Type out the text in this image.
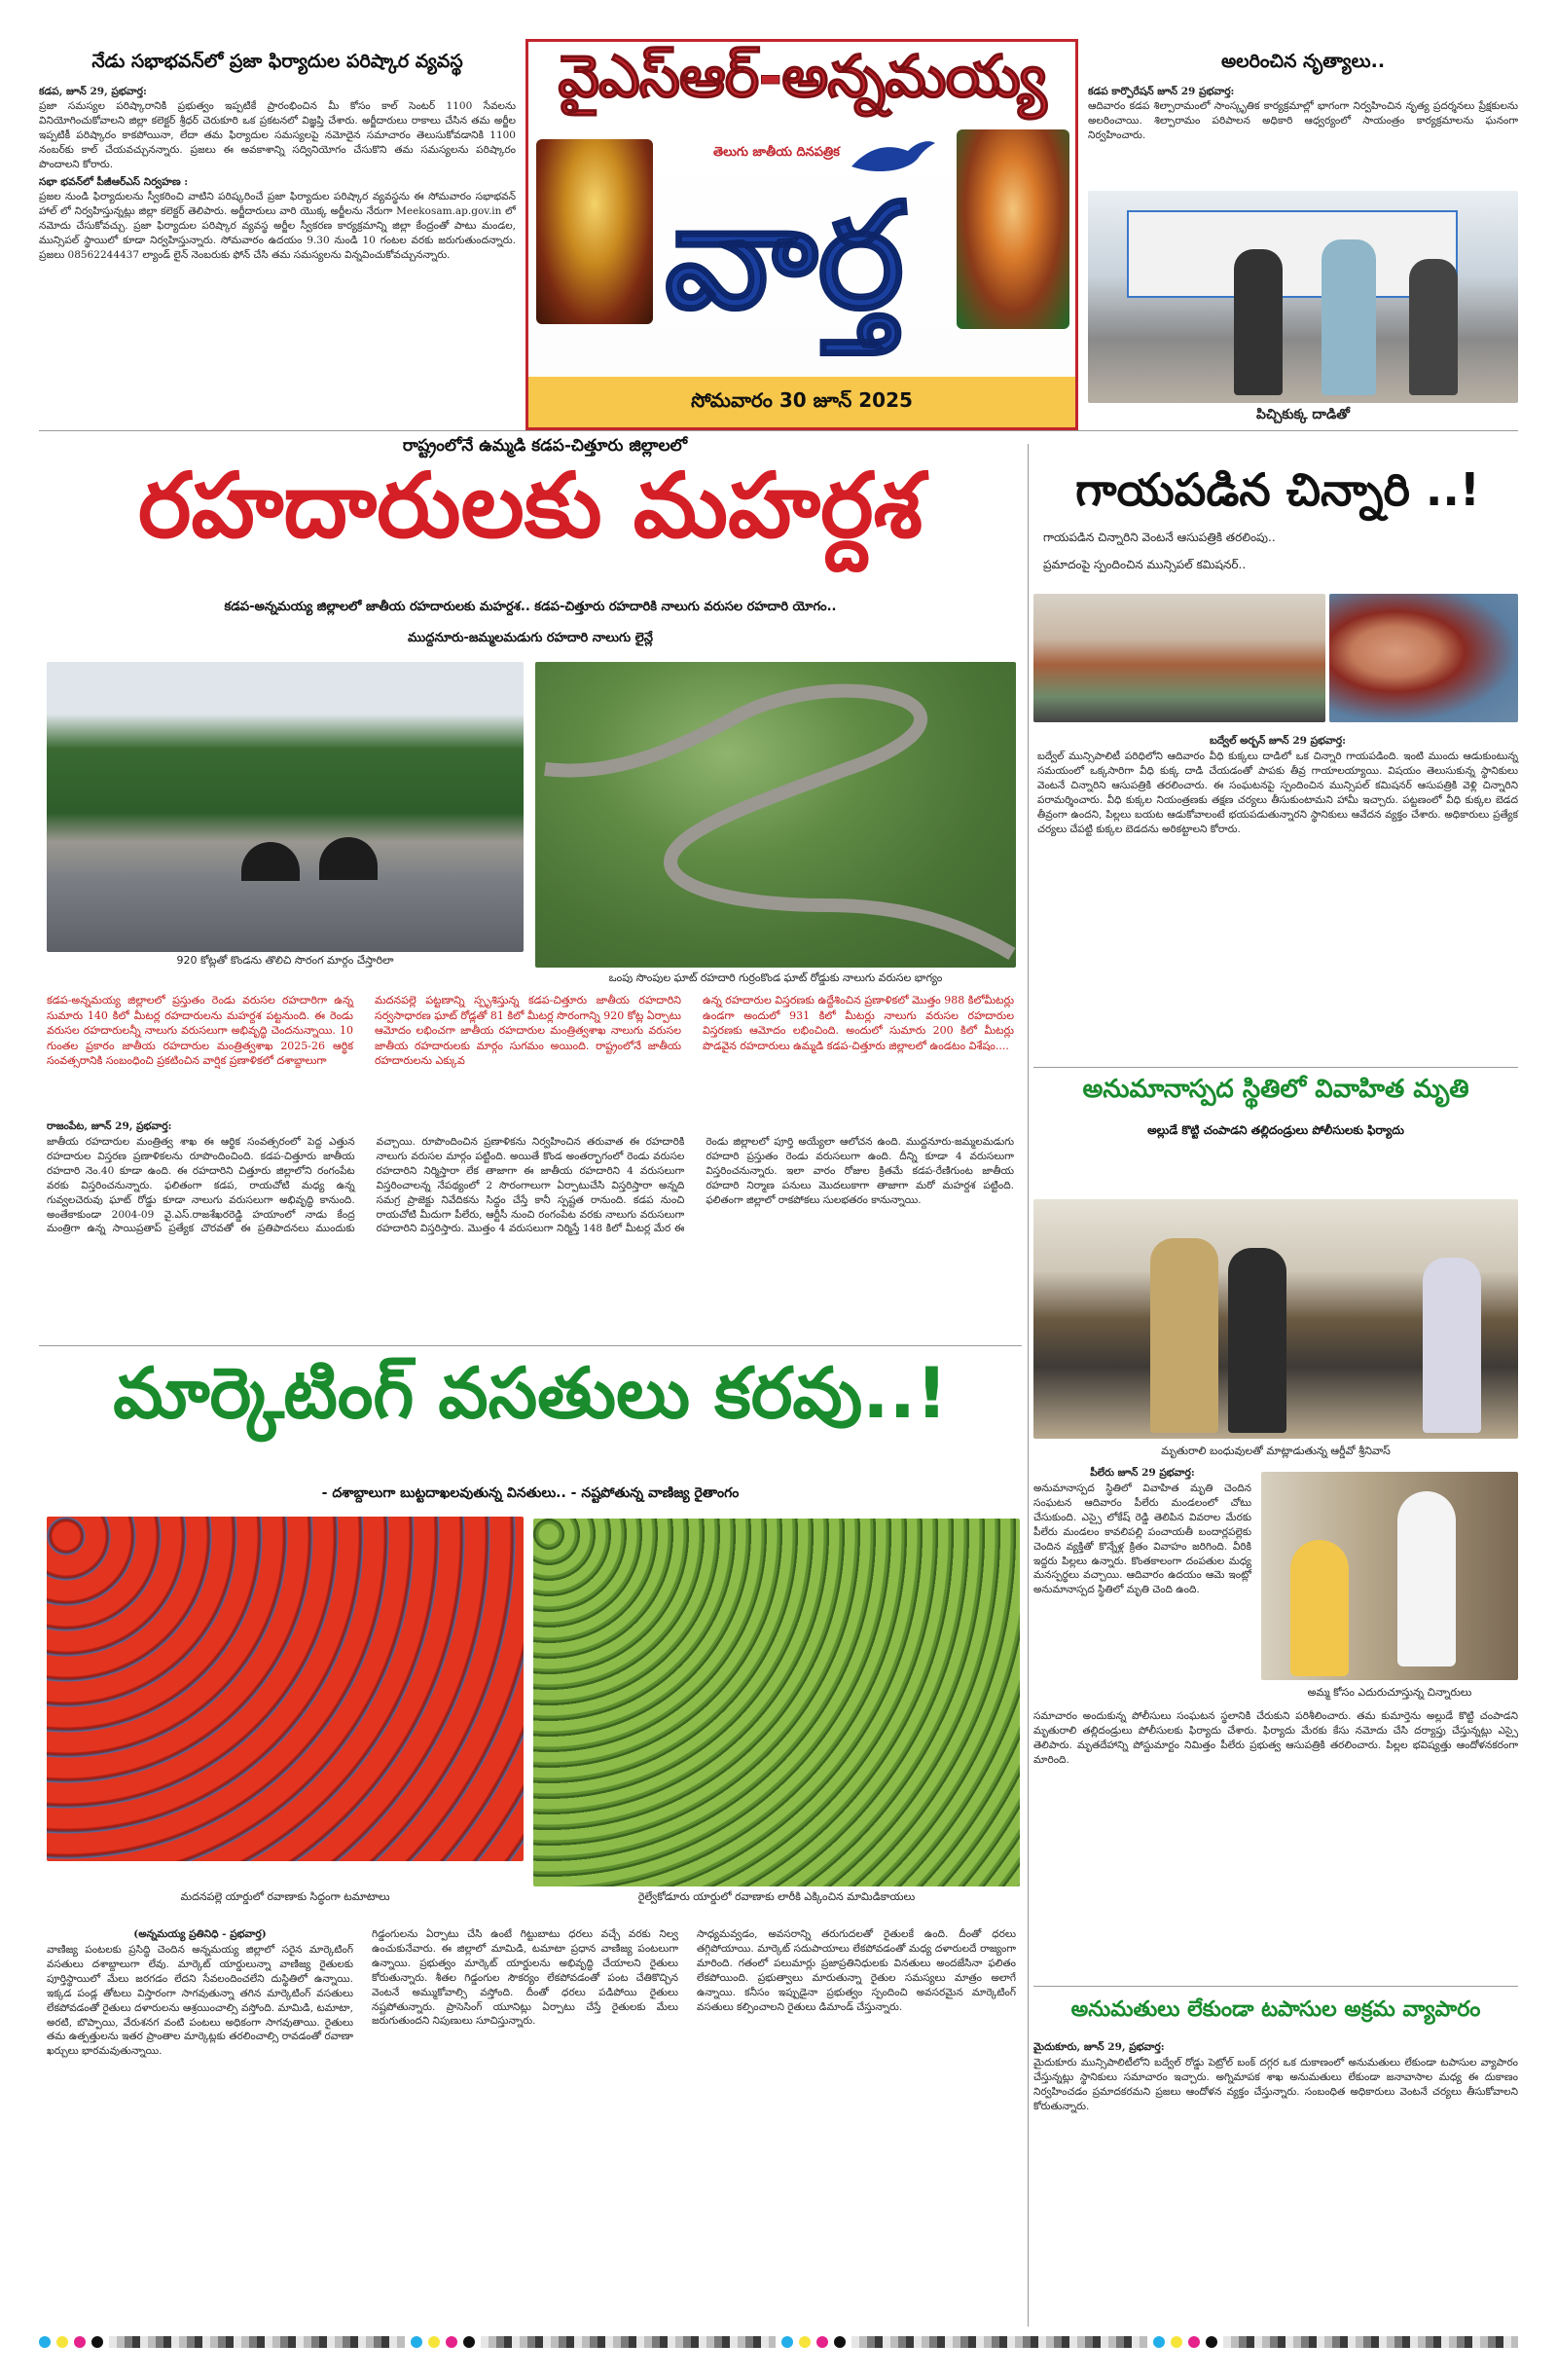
నేడు సభాభవన్‌లో ప్రజా ఫిర్యాదుల పరిష్కార వ్యవస్థ
కడప, జూన్ 29, ప్రభవార్త:
ప్రజా సమస్యల పరిష్కారానికి ప్రభుత్వం ఇప్పటికే ప్రారంభించిన మీ కోసం కాల్ సెంటర్ 1100 సేవలను వినియోగించుకోవాలని జిల్లా కలెక్టర్ శ్రీధర్ చెరుకూరి ఒక ప్రకటనలో విజ్ఞప్తి చేశారు. అర్జీదారులు రాకాలు చేసిన తమ అర్జీల ఇప్పటికీ పరిష్కారం కాకపోయినా, లేదా తమ ఫిర్యాదుల సమస్యలపై నమోదైన సమాచారం తెలుసుకోవడానికి 1100 నంబర్‌కు కాల్ చేయవచ్చునన్నారు. ప్రజలు ఈ అవకాశాన్ని సద్వినియోగం చేసుకొని తమ సమస్యలను పరిష్కారం పొందాలని కోరారు.
సభా భవన్‌లో పీజీఆర్‌ఎస్ నిర్వహణ :
ప్రజల నుండి ఫిర్యాదులను స్వీకరించి వాటిని పరిష్కరించే ప్రజా ఫిర్యాదుల పరిష్కార వ్యవస్థను ఈ సోమవారం సభాభవన్ హాల్ లో నిర్వహిస్తున్నట్లు జిల్లా కలెక్టర్ తెలిపారు. అర్జీదారులు వారి యొక్క అర్జీలను నేరుగా Meekosam.ap.gov.in లో నమోదు చేసుకోవచ్చు. ప్రజా ఫిర్యాదుల పరిష్కార వ్యవస్థ అర్జీల స్వీకరణ కార్యక్రమాన్ని జిల్లా కేంద్రంతో పాటు మండల, మున్సిపల్ స్థాయిలో కూడా నిర్వహిస్తున్నారు. సోమవారం ఉదయం 9.30 నుండి 10 గంటల వరకు జరుగుతుందన్నారు. ప్రజలు 08562244437 ల్యాండ్ లైన్ నెంబరుకు ఫోన్ చేసి తమ సమస్యలను విన్నవించుకోవచ్చునన్నారు.
వైఎస్ఆర్-అన్నమయ్య
తెలుగు జాతీయ దినపత్రిక
వార్త
సోమవారం 30 జూన్ 2025
అలరించిన నృత్యాలు..
కడప కార్పొరేషన్ జూన్ 29 ప్రభవార్త:
ఆదివారం కడప శిల్పారామంలో సాంస్కృతిక కార్యక్రమాల్లో భాగంగా నిర్వహించిన నృత్య ప్రదర్శనలు ప్రేక్షకులను అలరించాయి. శిల్పారామం పరిపాలన అధికారి ఆధ్వర్యంలో సాయంత్రం కార్యక్రమాలను ఘనంగా నిర్వహించారు.
పిచ్చికుక్క దాడితో
రాష్ట్రంలోనే ఉమ్మడి కడప-చిత్తూరు జిల్లాలలో
రహదారులకు మహర్దశ
కడప-అన్నమయ్య జిల్లాలలో జాతీయ రహదారులకు మహర్దశ.. కడప-చిత్తూరు రహదారికి నాలుగు వరుసల రహదారి యోగం..
ముద్దనూరు-జమ్మలమడుగు రహదారి నాలుగు లైన్లే
920 కోట్లతో కొండను తొలిచి సొరంగ మార్గం చేస్తారిలా
ఒంపు సొంపుల ఘాట్ రహదారి గుర్రంకొండ ఘాట్ రోడ్డుకు నాలుగు వరుసల భాగ్యం
కడప-అన్నమయ్య జిల్లాలలో ప్రస్తుతం రెండు వరుసల రహదారిగా ఉన్న సుమారు 140 కిలో మీటర్ల రహదారులను మహర్దశ పట్టనుంది. ఈ రెండు వరుసల రహదారులన్నీ నాలుగు వరుసలుగా అభివృద్ధి చెందనున్నాయి. 10 గుంతల ప్రకారం జాతీయ రహదారుల మంత్రిత్వశాఖ 2025-26 ఆర్థిక సంవత్సరానికి సంబంధించి ప్రకటించిన వార్షిక ప్రణాళికలో దశాబ్దాలుగా
మదనపల్లె పట్టణాన్ని స్పృశిస్తున్న కడప-చిత్తూరు జాతీయ రహదారిని సర్వసాధారణ ఘాట్ రోడ్లతో 81 కిలో మీటర్ల సొరంగాన్ని 920 కోట్ల ఏర్పాటు ఆమోదం లభించగా జాతీయ రహదారుల మంత్రిత్వశాఖ నాలుగు వరుసల జాతీయ రహదారులకు మార్గం సుగమం అయింది. రాష్ట్రంలోనే జాతీయ రహదారులను ఎక్కువ
ఉన్న రహదారుల విస్తరణకు ఉద్దేశించిన ప్రణాళికలో మొత్తం 988 కిలోమీటర్లు ఉండగా అందులో 931 కిలో మీటర్లు నాలుగు వరుసల రహదారుల విస్తరణకు ఆమోదం లభించింది. అందులో సుమారు 200 కిలో మీటర్లు పొడవైన రహదారులు ఉమ్మడి కడప-చిత్తూరు జిల్లాలలో ఉండటం విశేషం....
రాజంపేట, జూన్ 29, ప్రభవార్త:
జాతీయ రహదారుల మంత్రిత్వ శాఖ ఈ ఆర్థిక సంవత్సరంలో పెద్ద ఎత్తున రహదారుల విస్తరణ ప్రణాళికలను రూపొందించింది. కడప-చిత్తూరు జాతీయ రహదారి నెం.40 కూడా ఉంది. ఈ రహదారిని చిత్తూరు జిల్లాలోని రంగంపేట వరకు విస్తరించనున్నారు. ఫలితంగా కడప, రాయచోటి మధ్య ఉన్న గువ్వలచెరువు ఘాట్ రోడ్డు కూడా నాలుగు వరుసలుగా అభివృద్ధి కానుంది. అంతేకాకుండా 2004-09 వై.ఎస్.రాజశేఖరరెడ్డి హయాంలో నాడు కేంద్ర మంత్రిగా ఉన్న సాయిప్రతాప్ ప్రత్యేక చొరవతో ఈ ప్రతిపాదనలు ముందుకు వచ్చాయి. రూపొందించిన ప్రణాళికను నిర్వహించిన తరువాత ఈ రహదారికి నాలుగు వరుసల మార్గం పట్టింది. అయితే కొండ అంతర్భాగంలో రెండు వరుసల రహదారిని నిర్మిస్తారా లేక తాజాగా ఈ జాతీయ రహదారిని 4 వరుసలుగా విస్తరించాలన్న నేపథ్యంలో 2 సొరంగాలుగా ఏర్పాటుచేసి విస్తరిస్తారా అన్నది సమగ్ర ప్రాజెక్టు నివేదికను సిద్ధం చేస్తే కానీ స్పష్టత రానుంది. కడప నుంచి రాయచోటి మీదుగా పీలేరు, ఆర్టీసీ నుంచి రంగంపేట వరకు నాలుగు వరుసలుగా రహదారిని విస్తరిస్తారు. మొత్తం 4 వరుసలుగా నిర్మిస్తే 148 కిలో మీటర్ల మేర ఈ రెండు జిల్లాలలో పూర్తి అయ్యేలా ఆలోచన ఉంది. ముద్దనూరు-జమ్మలమడుగు రహదారి ప్రస్తుతం రెండు వరుసలుగా ఉంది. దీన్ని కూడా 4 వరుసలుగా విస్తరించనున్నారు. ఇలా వారం రోజుల క్రితమే కడప-రేణిగుంట జాతీయ రహదారి నిర్మాణ పనులు మొదలుకాగా తాజాగా మరో మహర్దశ పట్టింది. ఫలితంగా జిల్లాలో రాకపోకలు సులభతరం కానున్నాయి.
మార్కెటింగ్ వసతులు కరవు..!
- దశాబ్దాలుగా బుట్టదాఖలవుతున్న వినతులు.. - నష్టపోతున్న వాణిజ్య రైతాంగం
మదనపల్లె యార్డులో రవాణాకు సిద్ధంగా టమాటాలు	రైల్వేకోడూరు యార్డులో రవాణాకు లారీకి ఎక్కించిన మామిడికాయలు
(అన్నమయ్య ప్రతినిధి - ప్రభవార్త)
వాణిజ్య పంటలకు ప్రసిద్ధి చెందిన అన్నమయ్య జిల్లాలో సరైన మార్కెటింగ్ వసతులు దశాబ్దాలుగా లేవు. మార్కెట్ యార్డులున్నా వాణిజ్య రైతులకు పూర్తిస్థాయిలో మేలు జరగడం లేదని సేవలందించలేని దుస్థితిలో ఉన్నాయి. ఇక్కడ పండ్ల తోటలు విస్తారంగా సాగవుతున్నా తగిన మార్కెటింగ్ వసతులు లేకపోవడంతో రైతులు దళారులను ఆశ్రయించాల్సి వస్తోంది. మామిడి, టమాటా, అరటి, బొప్పాయి, వేరుశనగ వంటి పంటలు అధికంగా సాగవుతాయి. రైతులు తమ ఉత్పత్తులను ఇతర ప్రాంతాల మార్కెట్లకు తరలించాల్సి రావడంతో రవాణా ఖర్చులు భారమవుతున్నాయి.
గిడ్డంగులను ఏర్పాటు చేసి ఉంటే గిట్టుబాటు ధరలు వచ్చే వరకు నిల్వ ఉంచుకునేవారు. ఈ జిల్లాలో మామిడి, టమాటా ప్రధాన వాణిజ్య పంటలుగా ఉన్నాయి. ప్రభుత్వం మార్కెట్ యార్డులను అభివృద్ధి చేయాలని రైతులు కోరుతున్నారు. శీతల గిడ్డంగుల సౌకర్యం లేకపోవడంతో పంట చేతికొచ్చిన వెంటనే అమ్ముకోవాల్సి వస్తోంది. దీంతో ధరలు పడిపోయి రైతులు నష్టపోతున్నారు. ప్రాసెసింగ్ యూనిట్లు ఏర్పాటు చేస్తే రైతులకు మేలు జరుగుతుందని నిపుణులు సూచిస్తున్నారు.
సాధ్యమవ్వడం, అవసరాన్ని తరుగుదలతో రైతులకే ఉంది. దీంతో ధరలు తగ్గిపోయాయి. మార్కెట్ సదుపాయాలు లేకపోవడంతో మధ్య దళారులదే రాజ్యంగా మారింది. గతంలో పలుమార్లు ప్రజాప్రతినిధులకు వినతులు అందజేసినా ఫలితం లేకపోయింది. ప్రభుత్వాలు మారుతున్నా రైతుల సమస్యలు మాత్రం అలాగే ఉన్నాయి. కనీసం ఇప్పుడైనా ప్రభుత్వం స్పందించి అవసరమైన మార్కెటింగ్ వసతులు కల్పించాలని రైతులు డిమాండ్ చేస్తున్నారు.
గాయపడిన చిన్నారి ..!
గాయపడిన చిన్నారిని వెంటనే ఆసుపత్రికి తరలింపు..
ప్రమాదంపై స్పందించిన మున్సిపల్ కమిషనర్..
బద్వేల్ అర్బన్ జూన్ 29 ప్రభవార్త:
బద్వేల్ మున్సిపాలిటీ పరిధిలోని ఆదివారం వీధి కుక్కలు దాడిలో ఒక చిన్నారి గాయపడింది. ఇంటి ముందు ఆడుకుంటున్న సమయంలో ఒక్కసారిగా వీధి కుక్క దాడి చేయడంతో పాపకు తీవ్ర గాయాలయ్యాయి. విషయం తెలుసుకున్న స్థానికులు వెంటనే చిన్నారిని ఆసుపత్రికి తరలించారు. ఈ సంఘటనపై స్పందించిన మున్సిపల్ కమిషనర్ ఆసుపత్రికి వెళ్లి చిన్నారిని పరామర్శించారు. వీధి కుక్కల నియంత్రణకు తక్షణ చర్యలు తీసుకుంటామని హామీ ఇచ్చారు. పట్టణంలో వీధి కుక్కల బెడద తీవ్రంగా ఉందని, పిల్లలు బయట ఆడుకోవాలంటే భయపడుతున్నారని స్థానికులు ఆవేదన వ్యక్తం చేశారు. అధికారులు ప్రత్యేక చర్యలు చేపట్టి కుక్కల బెడదను అరికట్టాలని కోరారు.
అనుమానాస్పద స్థితిలో వివాహిత మృతి
అల్లుడే కొట్టి చంపాడని తల్లిదండ్రులు పోలీసులకు ఫిర్యాదు
మృతురాలి బంధువులతో మాట్లాడుతున్న ఆర్డీవో శ్రీనివాస్
పీలేరు జూన్ 29 ప్రభవార్త:
అనుమానాస్పద స్థితిలో వివాహిత మృతి చెందిన సంఘటన ఆదివారం పీలేరు మండలంలో చోటు చేసుకుంది. ఎస్సై లోకేష్ రెడ్డి తెలిపిన వివరాల మేరకు పీలేరు మండలం కావలిపల్లి పంచాయతీ బందార్లపల్లెకు చెందిన వ్యక్తితో కొన్నేళ్ల క్రితం వివాహం జరిగింది. వీరికి ఇద్దరు పిల్లలు ఉన్నారు. కొంతకాలంగా దంపతుల మధ్య మనస్పర్థలు వచ్చాయి. ఆదివారం ఉదయం ఆమె ఇంట్లో అనుమానాస్పద స్థితిలో మృతి చెంది ఉంది.
అమ్మ కోసం ఎదురుచూస్తున్న చిన్నారులు
సమాచారం అందుకున్న పోలీసులు సంఘటన స్థలానికి చేరుకుని పరిశీలించారు. తమ కుమార్తెను అల్లుడే కొట్టి చంపాడని మృతురాలి తల్లిదండ్రులు పోలీసులకు ఫిర్యాదు చేశారు. ఫిర్యాదు మేరకు కేసు నమోదు చేసి దర్యాప్తు చేస్తున్నట్లు ఎస్సై తెలిపారు. మృతదేహాన్ని పోస్టుమార్టం నిమిత్తం పీలేరు ప్రభుత్వ ఆసుపత్రికి తరలించారు. పిల్లల భవిష్యత్తు ఆందోళనకరంగా మారింది.
అనుమతులు లేకుండా టపాసుల అక్రమ వ్యాపారం
మైదుకూరు, జూన్ 29, ప్రభవార్త:
మైదుకూరు మున్సిపాలిటీలోని బద్వేల్ రోడ్డు పెట్రోల్ బంక్ దగ్గర ఒక దుకాణంలో అనుమతులు లేకుండా టపాసుల వ్యాపారం చేస్తున్నట్లు స్థానికులు సమాచారం ఇచ్చారు. అగ్నిమాపక శాఖ అనుమతులు లేకుండా జనావాసాల మధ్య ఈ దుకాణం నిర్వహించడం ప్రమాదకరమని ప్రజలు ఆందోళన వ్యక్తం చేస్తున్నారు. సంబంధిత అధికారులు వెంటనే చర్యలు తీసుకోవాలని కోరుతున్నారు.
